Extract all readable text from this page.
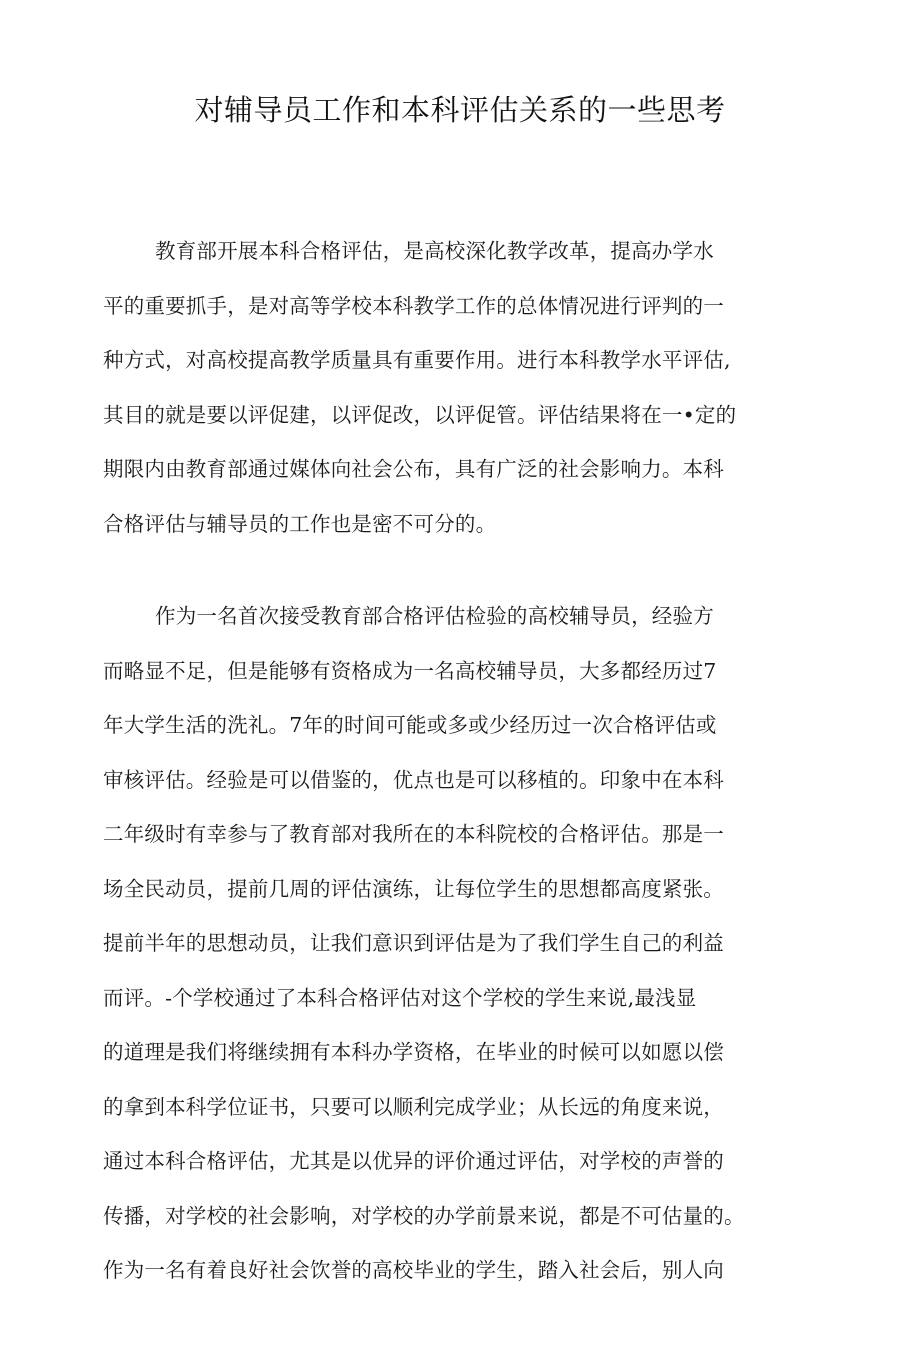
对辅导员工作和本科评估关系的一些思考
教育部开展本科合格评估，是高校深化教学改革，提高办学水
平的重要抓手，是对高等学校本科教学工作的总体情况进行评判的一
种方式，对高校提高教学质量具有重要作用。进行本科教学水平评估,
其目的就是要以评促建，以评促改，以评促管。评估结果将在一•定的
期限内由教育部通过媒体向社会公布，具有广泛的社会影响力。本科
合格评估与辅导员的工作也是密不可分的。
作为一名首次接受教育部合格评估检验的高校辅导员，经验方
而略显不足，但是能够有资格成为一名高校辅导员，大多都经历过7
年大学生活的洗礼。7年的时间可能或多或少经历过一次合格评估或
审核评估。经验是可以借鉴的，优点也是可以移植的。印象中在本科
二年级时有幸参与了教育部对我所在的本科院校的合格评估。那是一
场全民动员，提前几周的评估演练，让每位学生的思想都高度紧张。
提前半年的思想动员，让我们意识到评估是为了我们学生自己的利益
而评。-个学校通过了本科合格评估对这个学校的学生来说,最浅显
的道理是我们将继续拥有本科办学资格，在毕业的时候可以如愿以偿
的拿到本科学位证书，只要可以顺利完成学业；从长远的角度来说，
通过本科合格评估，尤其是以优异的评价通过评估，对学校的声誉的
传播，对学校的社会影响，对学校的办学前景来说，都是不可估量的。
作为一名有着良好社会饮誉的高校毕业的学生，踏入社会后，别人向
